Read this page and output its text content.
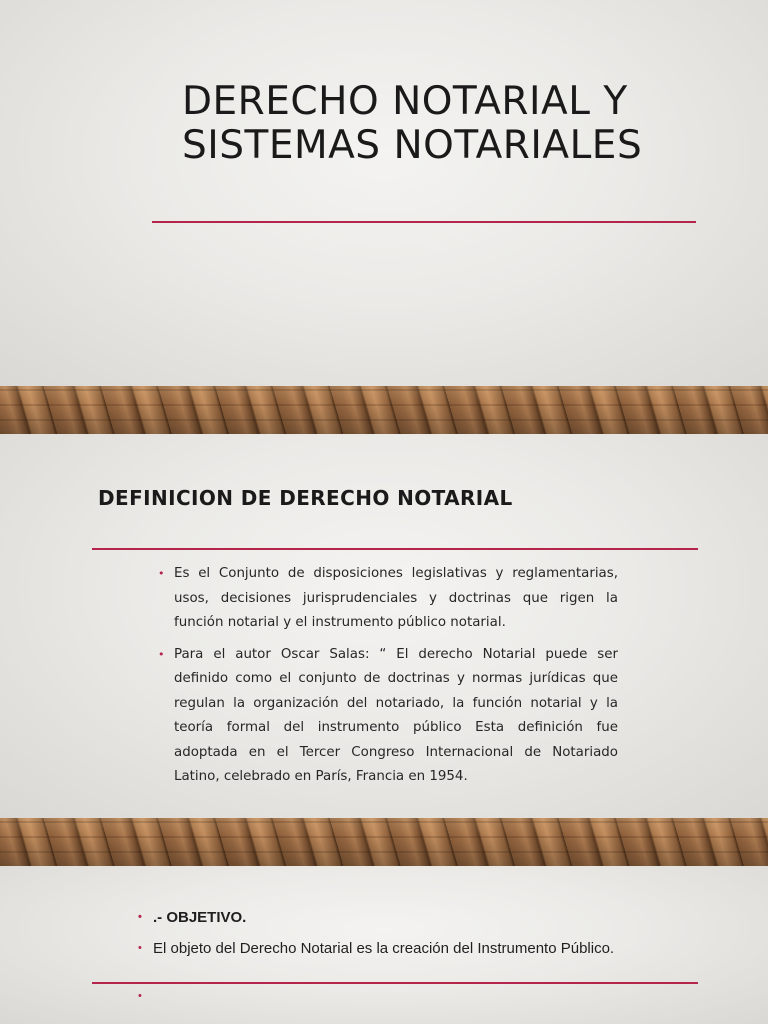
DERECHO NOTARIAL Y
SISTEMAS NOTARIALES
DEFINICION DE DERECHO NOTARIAL
• Es el Conjunto de disposiciones legislativas y reglamentarias, usos, decisiones jurisprudenciales y doctrinas que rigen la función notarial y el instrumento público notarial.
• Para el autor Oscar Salas: “ El derecho Notarial puede ser definido como el conjunto de doctrinas y normas jurídicas que regulan la organización del notariado, la función notarial y la teoría formal del instrumento público Esta definición fue adoptada en el Tercer Congreso Internacional de Notariado Latino, celebrado en París, Francia en 1954.
• .- OBJETIVO.
• El objeto del Derecho Notarial es la creación del Instrumento Público.
•
